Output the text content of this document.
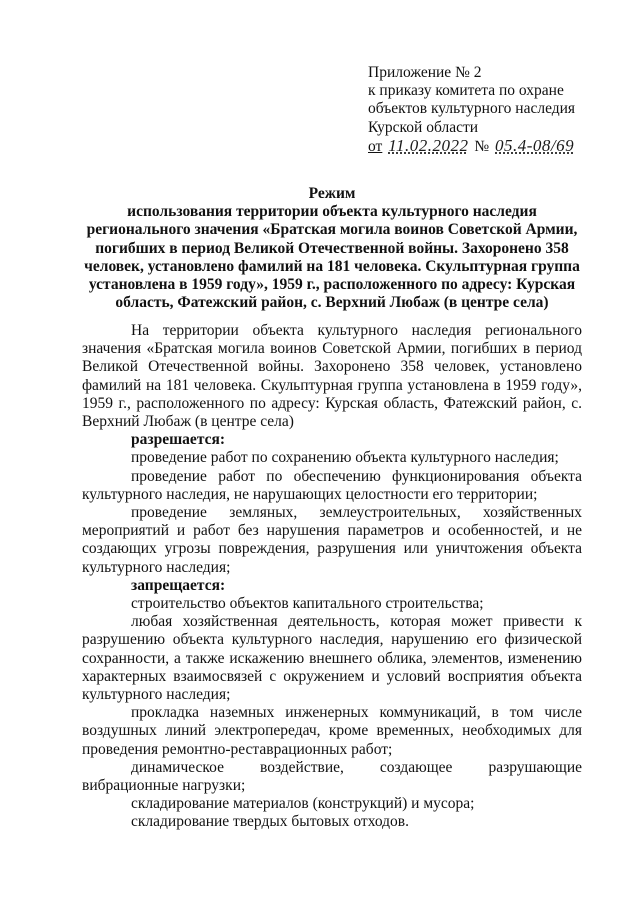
Приложение № 2
к приказу комитета по охране
объектов культурного наследия
Курской области
от 11.02.2022 № 05.4-08/69
Режим
использования территории объекта культурного наследия регионального значения «Братская могила воинов Советской Армии, погибших в период Великой Отечественной войны. Захоронено 358 человек, установлено фамилий на 181 человека. Скульптурная группа установлена в 1959 году», 1959 г., расположенного по адресу: Курская область, Фатежский район, с. Верхний Любаж (в центре села)

На территории объекта культурного наследия регионального значения «Братская могила воинов Советской Армии, погибших в период Великой Отечественной войны. Захоронено 358 человек, установлено фамилий на 181 человека. Скульптурная группа установлена в 1959 году», 1959 г., расположенного по адресу: Курская область, Фатежский район, с. Верхний Любаж (в центре села)

разрешается:

проведение работ по сохранению объекта культурного наследия;

проведение работ по обеспечению функционирования объекта культурного наследия, не нарушающих целостности его территории;

проведение земляных, землеустроительных, хозяйственных мероприятий и работ без нарушения параметров и особенностей, и не создающих угрозы повреждения, разрушения или уничтожения объекта культурного наследия;

запрещается:

строительство объектов капитального строительства;

любая хозяйственная деятельность, которая может привести к разрушению объекта культурного наследия, нарушению его физической сохранности, а также искажению внешнего облика, элементов, изменению характерных взаимосвязей с окружением и условий восприятия объекта культурного наследия;

прокладка наземных инженерных коммуникаций, в том числе воздушных линий электропередач, кроме временных, необходимых для проведения ремонтно-реставрационных работ;

динамическое воздействие, создающее разрушающие вибрационные нагрузки;

складирование материалов (конструкций) и мусора;

складирование твердых бытовых отходов.
